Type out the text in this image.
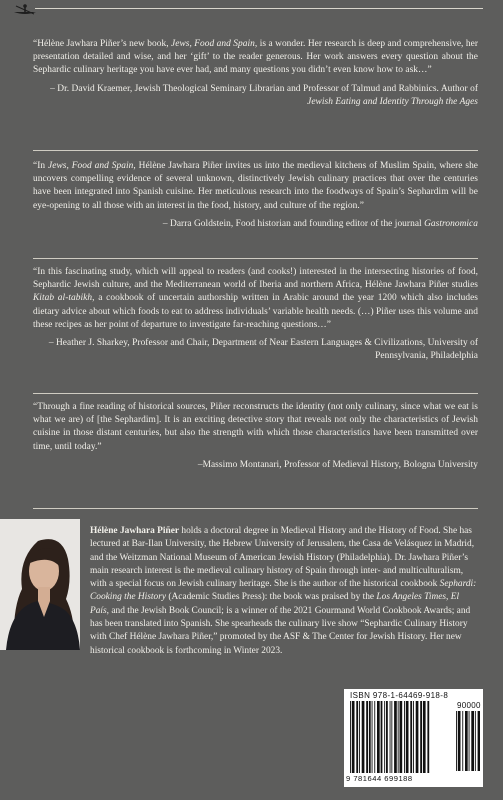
“Hélène Jawhara Piñer’s new book, Jews, Food and Spain, is a wonder. Her research is deep and comprehensive, her presentation detailed and wise, and her ‘gift’ to the reader generous. Her work answers every question about the Sephardic culinary heritage you have ever had, and many questions you didn’t even know how to ask…”

– Dr. David Kraemer, Jewish Theological Seminary Librarian and Professor of Talmud and Rabbinics. Author of Jewish Eating and Identity Through the Ages

“In Jews, Food and Spain, Hélène Jawhara Piñer invites us into the medieval kitchens of Muslim Spain, where she uncovers compelling evidence of several unknown, distinctively Jewish culinary practices that over the centuries have been integrated into Spanish cuisine. Her meticulous research into the foodways of Spain’s Sephardim will be eye-opening to all those with an interest in the food, history, and culture of the region.”

– Darra Goldstein, Food historian and founding editor of the journal Gastronomica

“In this fascinating study, which will appeal to readers (and cooks!) interested in the intersecting histories of food, Sephardic Jewish culture, and the Mediterranean world of Iberia and northern Africa, Hélène Jawhara Piñer studies Kitab al-tabikh, a cookbook of uncertain authorship written in Arabic around the year 1200 which also includes dietary advice about which foods to eat to address individuals’ variable health needs. (…) Piñer uses this volume and these recipes as her point of departure to investigate far-reaching questions…”

– Heather J. Sharkey, Professor and Chair, Department of Near Eastern Languages & Civilizations, University of Pennsylvania, Philadelphia

“Through a fine reading of historical sources, Piñer reconstructs the identity (not only culinary, since what we eat is what we are) of [the Sephardim]. It is an exciting detective story that reveals not only the characteristics of Jewish cuisine in those distant centuries, but also the strength with which those characteristics have been transmitted over time, until today.”

–Massimo Montanari, Professor of Medieval History, Bologna University

Hélène Jawhara Piñer holds a doctoral degree in Medieval History and the History of Food. She has lectured at Bar-Ilan University, the Hebrew University of Jerusalem, the Casa de Velásquez in Madrid, and the Weitzman National Museum of American Jewish History (Philadelphia). Dr. Jawhara Piñer’s main research interest is the medieval culinary history of Spain through inter- and multiculturalism, with a special focus on Jewish culinary heritage. She is the author of the historical cookbook Sephardi: Cooking the History (Academic Studies Press): the book was praised by the Los Angeles Times, El País, and the Jewish Book Council; is a winner of the 2021 Gourmand World Cookbook Awards; and has been translated into Spanish. She spearheads the culinary live show “Sephardic Culinary History with Chef Hélène Jawhara Piñer,” promoted by the ASF & The Center for Jewish History. Her new historical cookbook is forthcoming in Winter 2023.

ISBN 978-1-64469-918-8
90000
9 781644 699188
